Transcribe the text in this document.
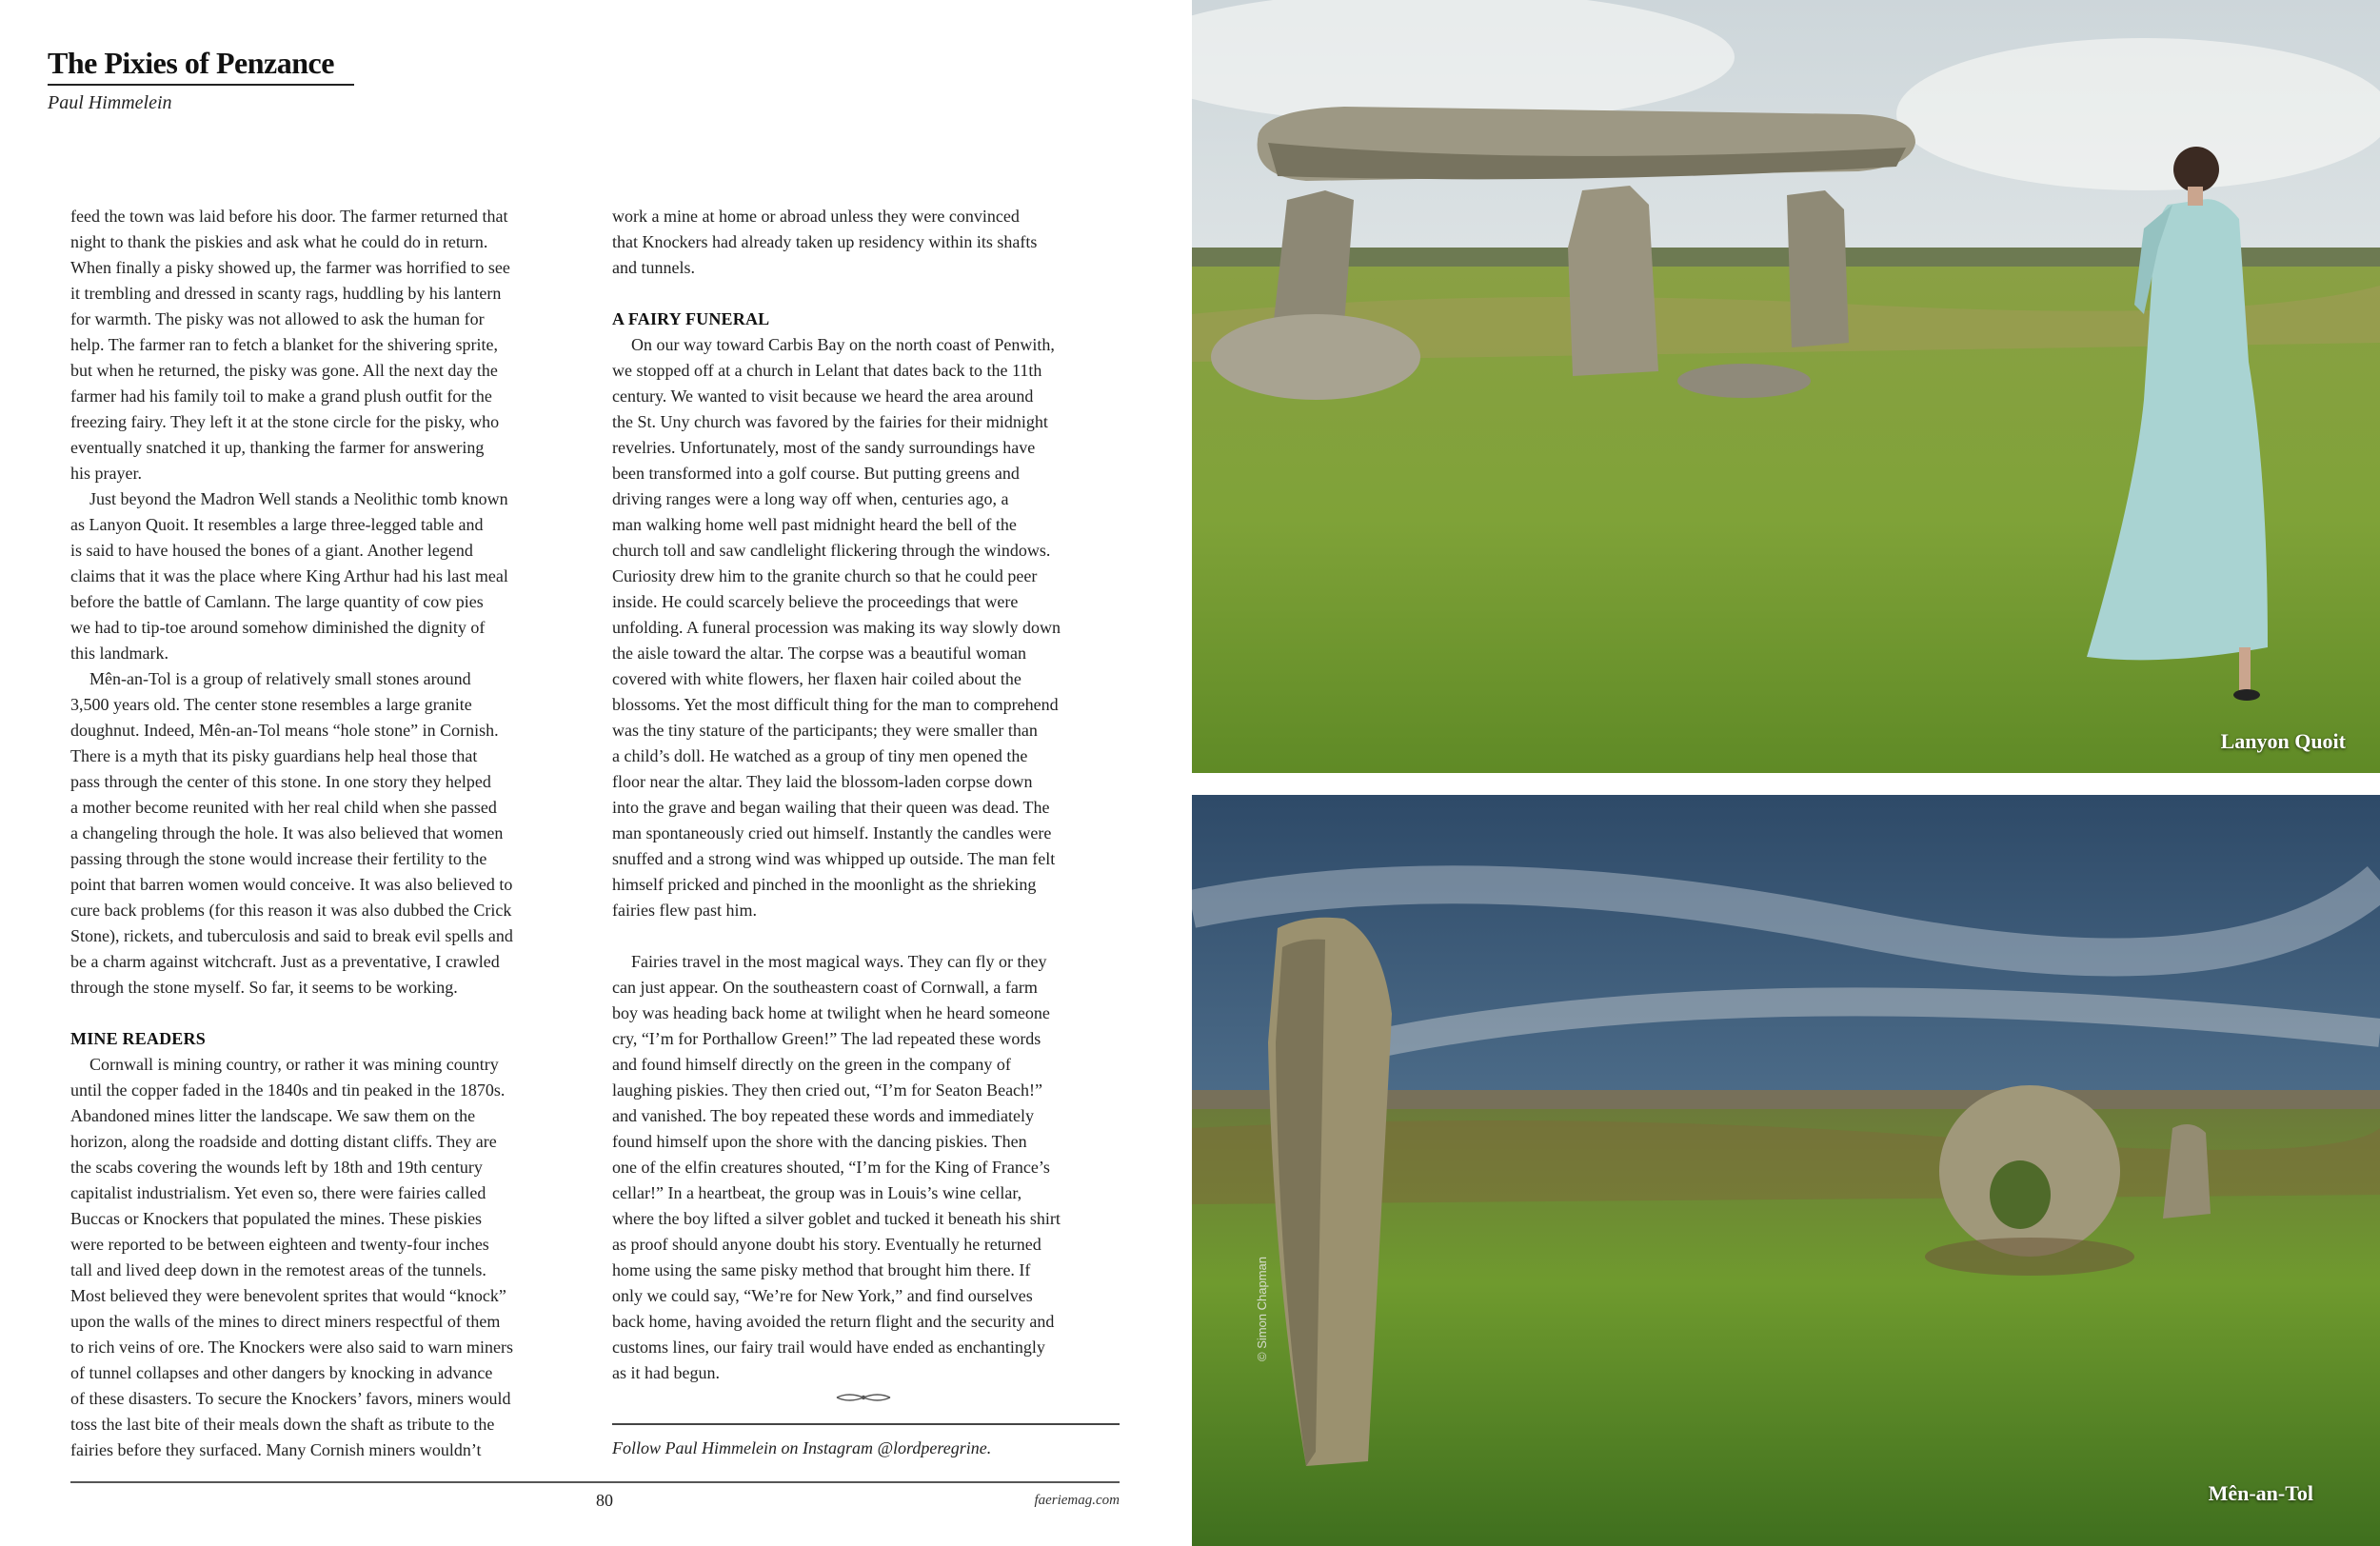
The Pixies of Penzance
Paul Himmelein

feed the town was laid before his door. The farmer returned that
night to thank the piskies and ask what he could do in return.
When finally a pisky showed up, the farmer was horrified to see
it trembling and dressed in scanty rags, huddling by his lantern
for warmth. The pisky was not allowed to ask the human for
help. The farmer ran to fetch a blanket for the shivering sprite,
but when he returned, the pisky was gone. All the next day the
farmer had his family toil to make a grand plush outfit for the
freezing fairy. They left it at the stone circle for the pisky, who
eventually snatched it up, thanking the farmer for answering
his prayer.

Just beyond the Madron Well stands a Neolithic tomb known
as Lanyon Quoit. It resembles a large three-legged table and
is said to have housed the bones of a giant. Another legend
claims that it was the place where King Arthur had his last meal
before the battle of Camlann. The large quantity of cow pies
we had to tip-toe around somehow diminished the dignity of
this landmark.

Mên-an-Tol is a group of relatively small stones around
3,500 years old. The center stone resembles a large granite
doughnut. Indeed, Mên-an-Tol means “hole stone” in Cornish.
There is a myth that its pisky guardians help heal those that
pass through the center of this stone. In one story they helped
a mother become reunited with her real child when she passed
a changeling through the hole. It was also believed that women
passing through the stone would increase their fertility to the
point that barren women would conceive. It was also believed to
cure back problems (for this reason it was also dubbed the Crick
Stone), rickets, and tuberculosis and said to break evil spells and
be a charm against witchcraft. Just as a preventative, I crawled
through the stone myself. So far, it seems to be working.

MINE READERS

Cornwall is mining country, or rather it was mining country
until the copper faded in the 1840s and tin peaked in the 1870s.
Abandoned mines litter the landscape. We saw them on the
horizon, along the roadside and dotting distant cliffs. They are
the scabs covering the wounds left by 18th and 19th century
capitalist industrialism. Yet even so, there were fairies called
Buccas or Knockers that populated the mines. These piskies
were reported to be between eighteen and twenty-four inches
tall and lived deep down in the remotest areas of the tunnels.
Most believed they were benevolent sprites that would “knock”
upon the walls of the mines to direct miners respectful of them
to rich veins of ore. The Knockers were also said to warn miners
of tunnel collapses and other dangers by knocking in advance
of these disasters. To secure the Knockers’ favors, miners would
toss the last bite of their meals down the shaft as tribute to the
fairies before they surfaced. Many Cornish miners wouldn’t

work a mine at home or abroad unless they were convinced
that Knockers had already taken up residency within its shafts
and tunnels.

A FAIRY FUNERAL

On our way toward Carbis Bay on the north coast of Penwith,
we stopped off at a church in Lelant that dates back to the 11th
century. We wanted to visit because we heard the area around
the St. Uny church was favored by the fairies for their midnight
revelries. Unfortunately, most of the sandy surroundings have
been transformed into a golf course. But putting greens and
driving ranges were a long way off when, centuries ago, a
man walking home well past midnight heard the bell of the
church toll and saw candlelight flickering through the windows.
Curiosity drew him to the granite church so that he could peer
inside. He could scarcely believe the proceedings that were
unfolding. A funeral procession was making its way slowly down
the aisle toward the altar. The corpse was a beautiful woman
covered with white flowers, her flaxen hair coiled about the
blossoms. Yet the most difficult thing for the man to comprehend
was the tiny stature of the participants; they were smaller than
a child’s doll. He watched as a group of tiny men opened the
floor near the altar. They laid the blossom-laden corpse down
into the grave and began wailing that their queen was dead. The
man spontaneously cried out himself. Instantly the candles were
snuffed and a strong wind was whipped up outside. The man felt
himself pricked and pinched in the moonlight as the shrieking
fairies flew past him.

Fairies travel in the most magical ways. They can fly or they
can just appear. On the southeastern coast of Cornwall, a farm
boy was heading back home at twilight when he heard someone
cry, “I’m for Porthallow Green!” The lad repeated these words
and found himself directly on the green in the company of
laughing piskies. They then cried out, “I’m for Seaton Beach!”
and vanished. The boy repeated these words and immediately
found himself upon the shore with the dancing piskies. Then
one of the elfin creatures shouted, “I’m for the King of France’s
cellar!” In a heartbeat, the group was in Louis’s wine cellar,
where the boy lifted a silver goblet and tucked it beneath his shirt
as proof should anyone doubt his story. Eventually he returned
home using the same pisky method that brought him there. If
only we could say, “We’re for New York,” and find ourselves
back home, having avoided the return flight and the security and
customs lines, our fairy trail would have ended as enchantingly
as it had begun.

Follow Paul Himmelein on Instagram @lordperegrine.
80	faeriemag.com
Lanyon Quoit
Mên-an-Tol
© Simon Chapman
